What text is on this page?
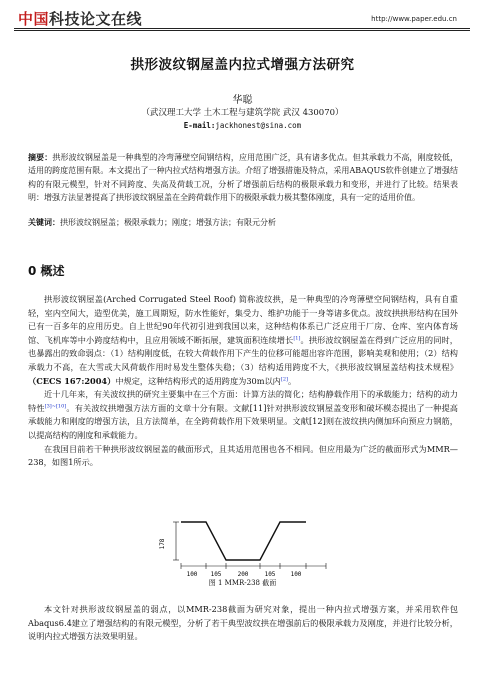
中国科技论文在线	http://www.paper.edu.cn
拱形波纹钢屋盖内拉式增强方法研究
华聪
（武汉理工大学 土木工程与建筑学院 武汉 430070）
E-mail:jackhonest@sina.com
摘要：拱形波纹钢屋盖是一种典型的冷弯薄壁空间钢结构，应用范围广泛，具有诸多优点。但其承载力不高，刚度较低，适用的跨度范围有限。本文提出了一种内拉式结构增强方法。介绍了增强措施及特点，采用ABAQUS软件创建立了增强结构的有限元模型，针对不同跨度、失高及荷载工况，分析了增强前后结构的极限承载力和变形，并进行了比较。结果表明：增强方法显著提高了拱形波纹钢屋盖在全跨荷载作用下的极限承载力极其整体刚度，具有一定的适用价值。
关键词：拱形波纹钢屋盖；极限承载力；刚度；增强方法；有限元分析
0 概述

拱形波纹钢屋盖(Arched Corrugated Steel Roof) 简称波纹拱，是一种典型的冷弯薄壁空间钢结构，具有自重轻，室内空间大，造型优美，施工周期短，防水性能好，集受力、维护功能于一身等诸多优点。波纹拱拱形结构在国外已有一百多年的应用历史。自上世纪90年代初引进到我国以来，这种结构体系已广泛应用于厂房、仓库、室内体育场馆、飞机库等中小跨度结构中，且应用领域不断拓展，建筑面积连续增长[1]。拱形波纹钢屋盖在得到广泛应用的同时，也暴露出的致命弱点：（1）结构刚度低，在较大荷载作用下产生的位移可能超出容许范围，影响美观和使用；（2）结构承载力不高，在大雪或大风荷载作用时易发生整体失稳；（3）结构适用跨度不大，《拱形波纹钢屋盖结构技术规程》（CECS 167:2004）中规定，这种结构形式的适用跨度为30m以内[2]。

近十几年来，有关波纹拱的研究主要集中在三个方面：计算方法的简化；结构静载作用下的承载能力；结构的动力特性[3]~[10]。有关波纹拱增强方法方面的文章十分有限。文献[11]针对拱形波纹钢屋盖变形和破坏模态提出了一种提高承载能力和刚度的增强方法，且方法简单，在全跨荷载作用下效果明显。文献[12]则在波纹拱内侧加环向预应力钢筋，以提高结构的刚度和承载能力。

在我国目前若干种拱形波纹钢屋盖的截面形式，且其适用范围也各不相同。但应用最为广泛的截面形式为MMR—238，如图1所示。

178
100 105	200	105	100
图 1 MMR-238 截面

本文针对拱形波纹钢屋盖的弱点，以MMR-238截面为研究对象，提出一种内拉式增强方案，并采用软件包Abaqus6.4建立了增强结构的有限元模型，分析了若干典型波纹拱在增强前后的极限承载力及刚度，并进行比较分析，说明内拉式增强方法效果明显。
